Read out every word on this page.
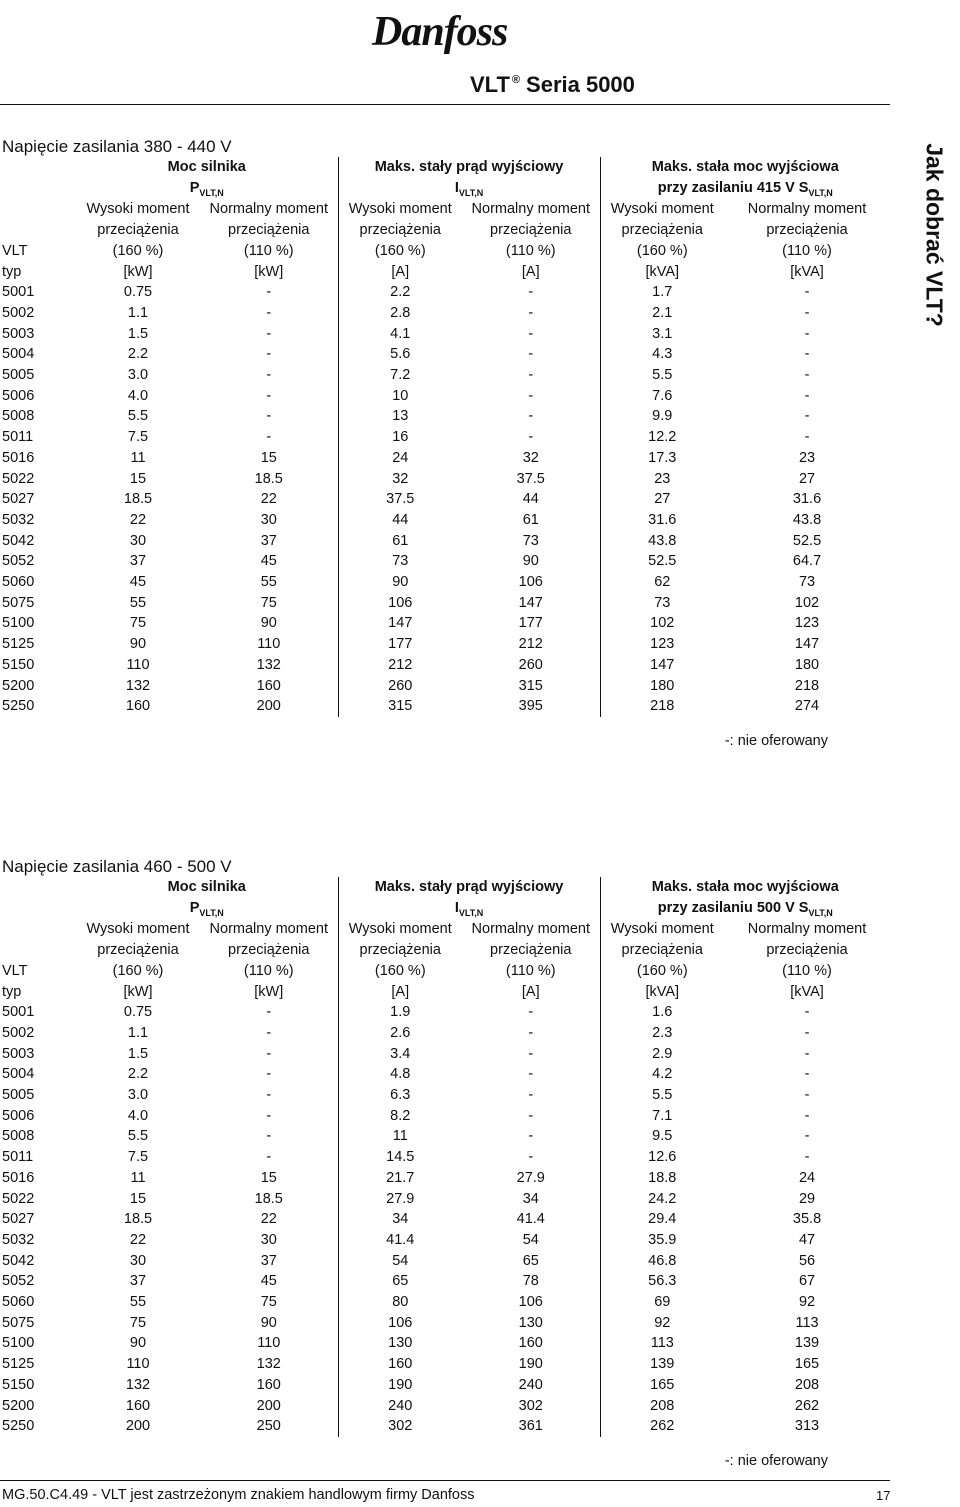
Danfoss
VLT ® Seria 5000
Jak dobrać VLT?
Napięcie zasilania 380 - 440 V
	Moc silnika		Maks. stały prąd wyjściowy		Maks. stała moc wyjściowa	
	$P_{VLT,N}$		$I_{VLT,N}$		przy zasilaniu 415 V $S_{VLT,N}$
	Wysoki moment	Normalny moment	Wysoki moment	Normalny moment	Wysoki moment	Normalny moment
	przeciążenia	przeciążenia	przeciążenia	przeciążenia	przeciążenia	przeciążenia
VLT	(160 %)	(110 %)	(160 %)	(110 %)	(160 %)	(110 %)
typ	[kW]	[kW]	[A]	[A]	[kVA]	[kVA]
5001	0.75	-	2.2	-	1.7	-
5002	1.1	-	2.8	-	2.1	-
5003	1.5	-	4.1	-	3.1	-
5004	2.2	-	5.6	-	4.3	-
5005	3.0	-	7.2	-	5.5	-
5006	4.0	-	10	-	7.6	-
5008	5.5	-	13	-	9.9	-
5011	7.5	-	16	-	12.2	-
5016	11	15	24	32	17.3	23
5022	15	18.5	32	37.5	23	27
5027	18.5	22	37.5	44	27	31.6
5032	22	30	44	61	31.6	43.8
5042	30	37	61	73	43.8	52.5
5052	37	45	73	90	52.5	64.7
5060	45	55	90	106	62	73
5075	55	75	106	147	73	102
5100	75	90	147	177	102	123
5125	90	110	177	212	123	147
5150	110	132	212	260	147	180
5200	132	160	260	315	180	218
5250	160	200	315	395	218	274
-: nie oferowany
Napięcie zasilania 460 - 500 V
	Moc silnika		Maks. stały prąd wyjściowy		Maks. stała moc wyjściowa	
	$P_{VLT,N}$		$I_{VLT,N}$		przy zasilaniu 500 V $S_{VLT,N}$
	Wysoki moment	Normalny moment	Wysoki moment	Normalny moment	Wysoki moment	Normalny moment
	przeciążenia	przeciążenia	przeciążenia	przeciążenia	przeciążenia	przeciążenia
VLT	(160 %)	(110 %)	(160 %)	(110 %)	(160 %)	(110 %)
typ	[kW]	[kW]	[A]	[A]	[kVA]	[kVA]
5001	0.75	-	1.9	-	1.6	-
5002	1.1	-	2.6	-	2.3	-
5003	1.5	-	3.4	-	2.9	-
5004	2.2	-	4.8	-	4.2	-
5005	3.0	-	6.3	-	5.5	-
5006	4.0	-	8.2	-	7.1	-
5008	5.5	-	11	-	9.5	-
5011	7.5	-	14.5	-	12.6	-
5016	11	15	21.7	27.9	18.8	24
5022	15	18.5	27.9	34	24.2	29
5027	18.5	22	34	41.4	29.4	35.8
5032	22	30	41.4	54	35.9	47
5042	30	37	54	65	46.8	56
5052	37	45	65	78	56.3	67
5060	55	75	80	106	69	92
5075	75	90	106	130	92	113
5100	90	110	130	160	113	139
5125	110	132	160	190	139	165
5150	132	160	190	240	165	208
5200	160	200	240	302	208	262
5250	200	250	302	361	262	313
-: nie oferowany
MG.50.C4.49 - VLT jest zastrzeżonym znakiem handlowym firmy Danfoss	17
